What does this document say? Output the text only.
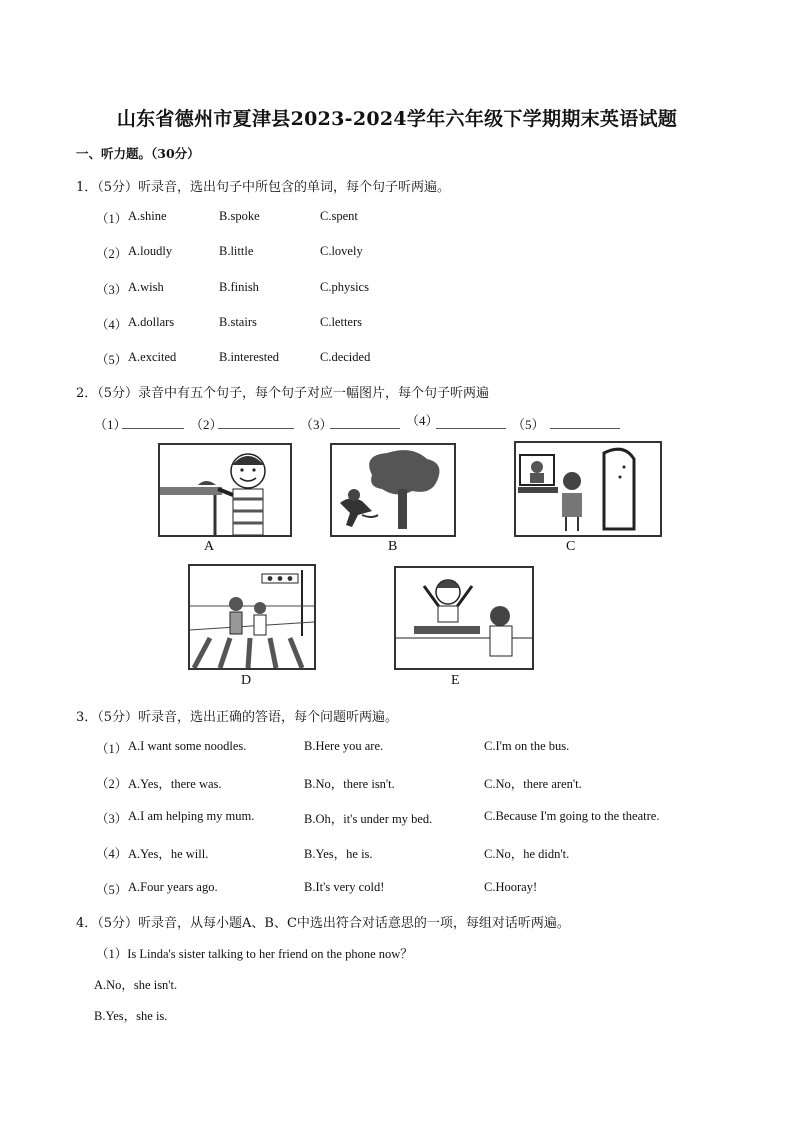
山东省德州市夏津县2023-2024学年六年级下学期期末英语试题
一、听力题。（30分）
1．（5分）听录音，选出句子中所包含的单词，每个句子听两遍。
（1） A.shine	B.spoke	C.spent
（2） A.loudly	B.little	C.lovely
（3） A.wish	B.finish	C.physics
（4） A.dollars	B.stairs	C.letters
（5） A.excited	B.interested	C.decided
2．（5分）录音中有五个句子，每个句子对应一幅图片，每个句子听两遍
（1）	（2）	（3）	（4）	（5）
A	B	C
D	E
3．（5分）听录音，选出正确的答语，每个问题听两遍。
（1） A.I want some noodles.	B.Here you are.	C.I'm on the bus.
（2） A.Yes，there was.	B.No，there isn't.	C.No，there aren't.
（3） A.I am helping my mum.	B.Oh，it's under my bed.	C.Because I'm going to the theatre.
（4） A.Yes，he will.	B.Yes，he is.	C.No，he didn't.
（5） A.Four years ago.	B.It's very cold!	C.Hooray!
4．（5分）听录音，从每小题A、B、C中选出符合对话意思的一项，每组对话听两遍。
（1）Is Linda's sister talking to her friend on the phone now？
A.No，she isn't.
B.Yes，she is.
